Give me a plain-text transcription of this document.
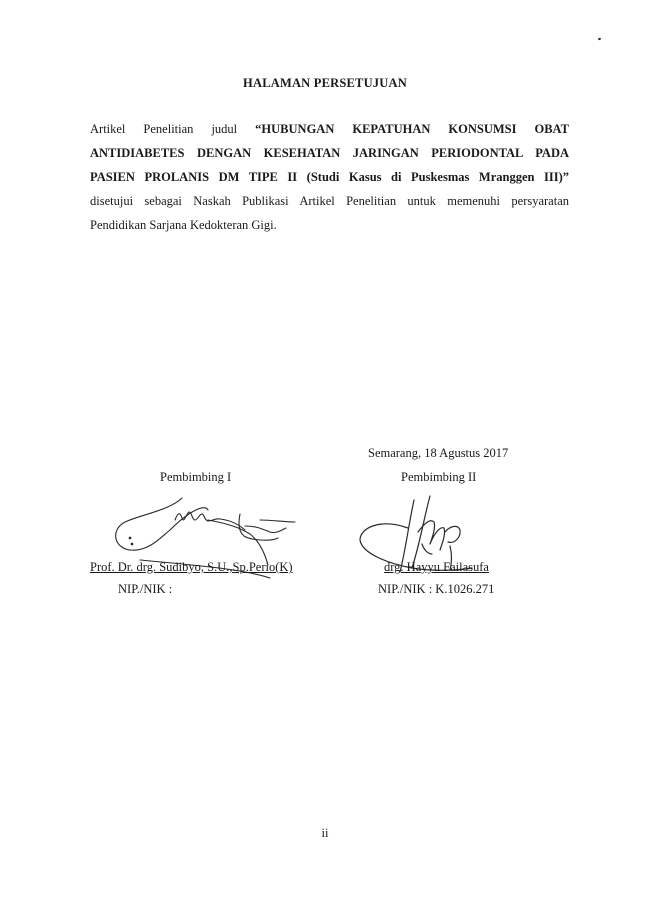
HALAMAN PERSETUJUAN
Artikel Penelitian judul “HUBUNGAN KEPATUHAN KONSUMSI OBAT
ANTIDIABETES DENGAN KESEHATAN JARINGAN PERIODONTAL PADA
PASIEN PROLANIS DM TIPE II (Studi Kasus di Puskesmas Mranggen III)”
disetujui sebagai Naskah Publikasi Artikel Penelitian untuk memenuhi persyaratan
Pendidikan Sarjana Kedokteran Gigi.
Semarang, 18 Agustus 2017
Pembimbing I	Pembimbing II
Prof. Dr. drg. Sudibyo, S.U.,Sp.Perio(K)	drg. Hayyu Failasufa
NIP./NIK :	NIP./NIK : K.1026.271
ii
